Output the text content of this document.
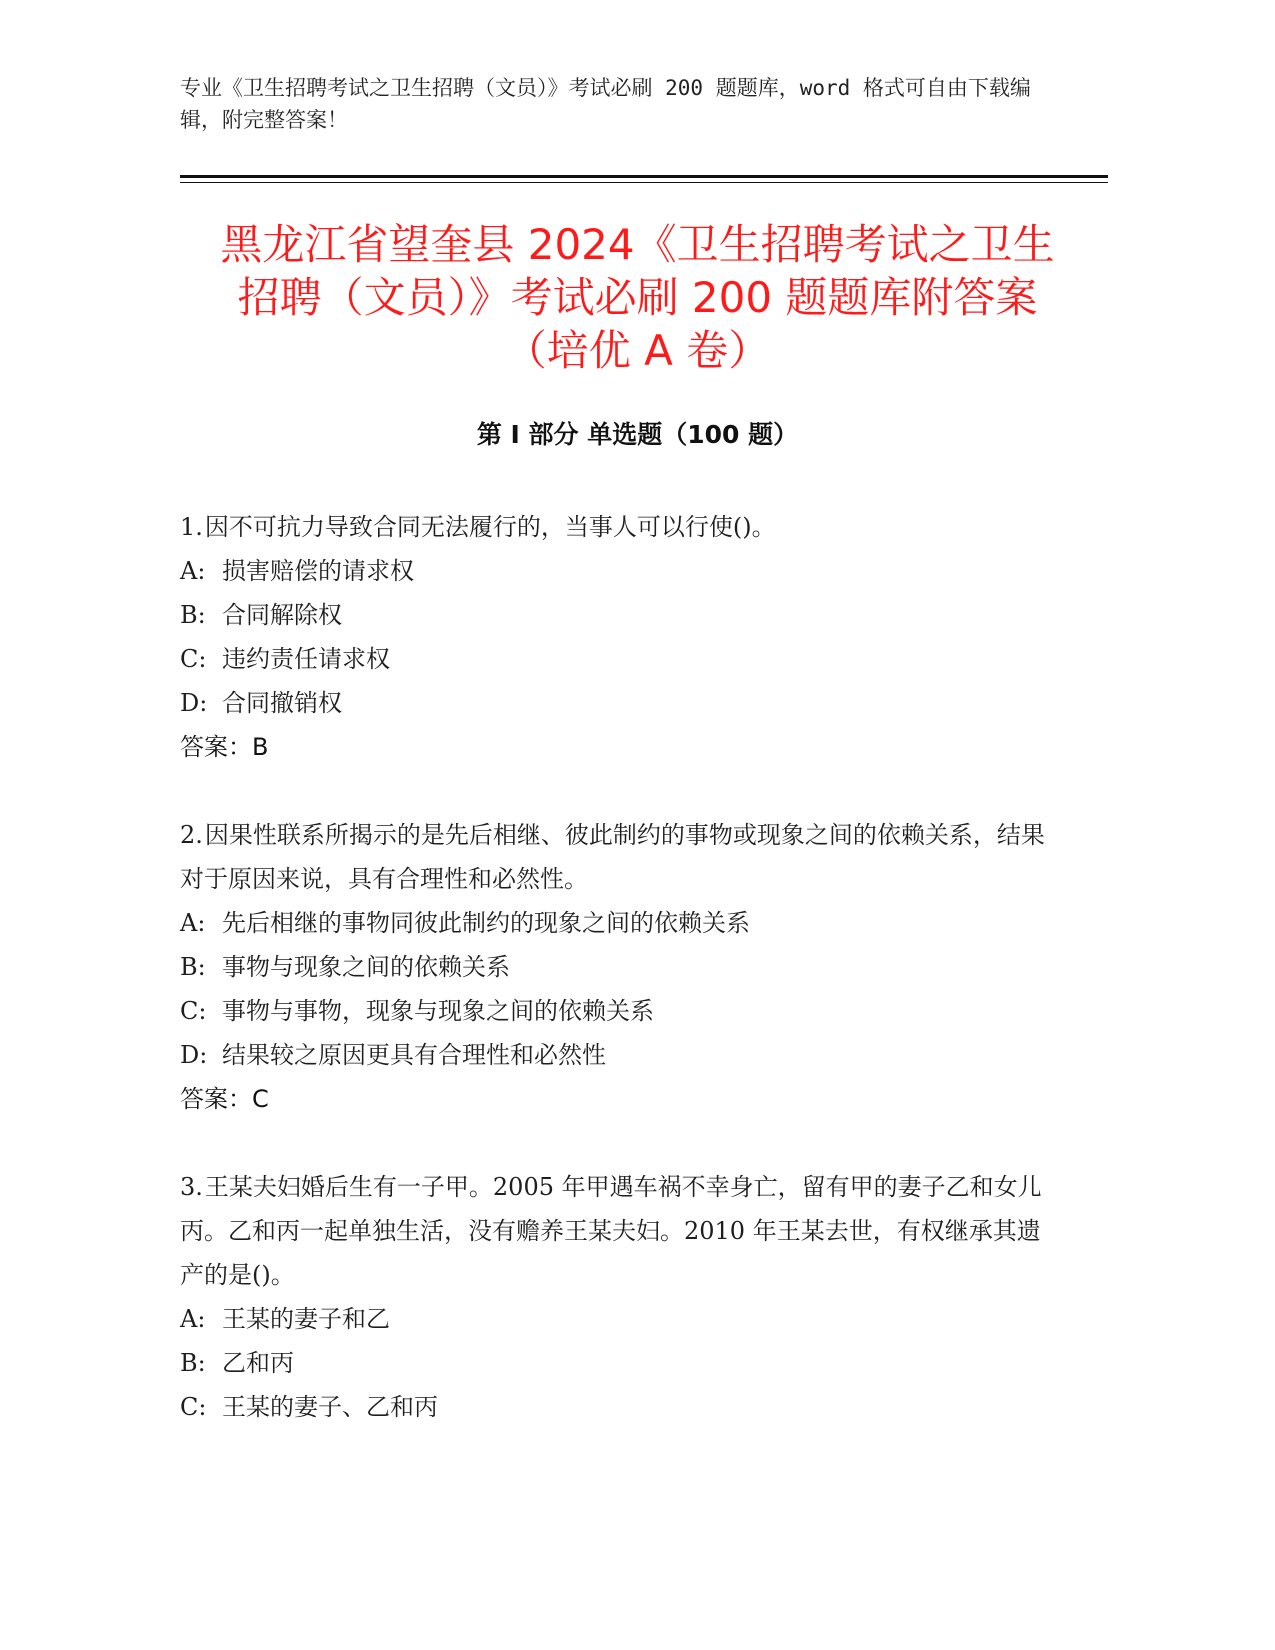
专业《卫生招聘考试之卫生招聘（文员）》考试必刷 200 题题库，word 格式可自由下载编辑，附完整答案！
黑龙江省望奎县 2024《卫生招聘考试之卫生
招聘（文员）》考试必刷 200 题题库附答案
（培优 A 卷）
第 I 部分 单选题（100 题）

1.因不可抗力导致合同无法履行的，当事人可以行使()。

A: 损害赔偿的请求权

B: 合同解除权

C: 违约责任请求权

D: 合同撤销权

答案：B

2.因果性联系所揭示的是先后相继、彼此制约的事物或现象之间的依赖关系，结果对于原因来说，具有合理性和必然性。

A: 先后相继的事物同彼此制约的现象之间的依赖关系

B: 事物与现象之间的依赖关系

C: 事物与事物，现象与现象之间的依赖关系

D: 结果较之原因更具有合理性和必然性

答案：C

3.王某夫妇婚后生有一子甲。2005 年甲遇车祸不幸身亡，留有甲的妻子乙和女儿丙。乙和丙一起单独生活，没有赡养王某夫妇。2010 年王某去世，有权继承其遗产的是()。

A: 王某的妻子和乙

B: 乙和丙

C: 王某的妻子、乙和丙
